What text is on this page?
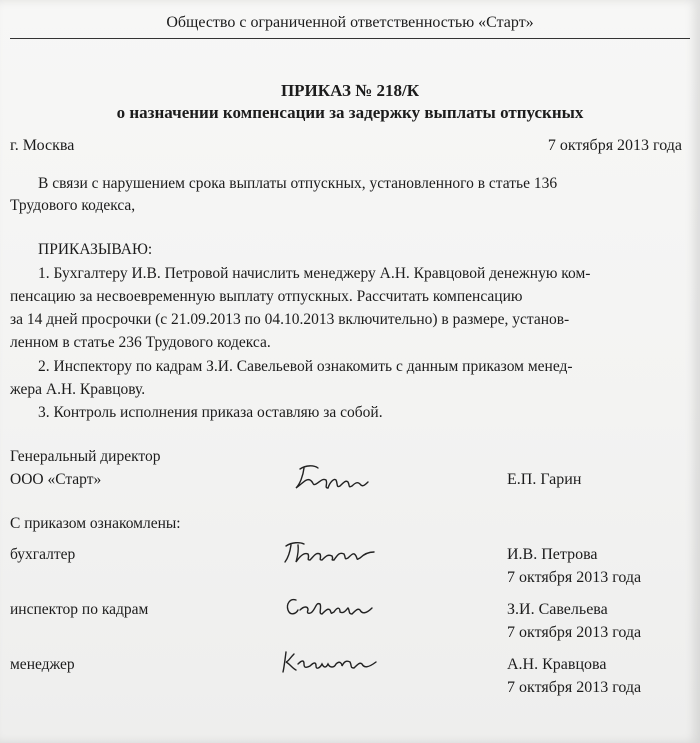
Общество с ограниченной ответственностью «Старт»
ПРИКАЗ № 218/К
о назначении компенсации за задержку выплаты отпускных
г. Москва	7 октября 2013 года
В связи с нарушением срока выплаты отпускных, установленного в статье 136
Трудового кодекса,
ПРИКАЗЫВАЮ:
1. Бухгалтеру И.В. Петровой начислить менеджеру А.Н. Кравцовой денежную ком-
пенсацию за несвоевременную выплату отпускных. Рассчитать компенсацию
за 14 дней просрочки (с 21.09.2013 по 04.10.2013 включительно) в размере, установ-
ленном в статье 236 Трудового кодекса.
2. Инспектору по кадрам З.И. Савельевой ознакомить с данным приказом менед-
жера А.Н. Кравцову.
3. Контроль исполнения приказа оставляю за собой.
Генеральный директор
ООО «Старт»	Е.П. Гарин
С приказом ознакомлены:
бухгалтер	И.В. Петрова
7 октября 2013 года
инспектор по кадрам	З.И. Савельева
7 октября 2013 года
менеджер	А.Н. Кравцова
7 октября 2013 года
